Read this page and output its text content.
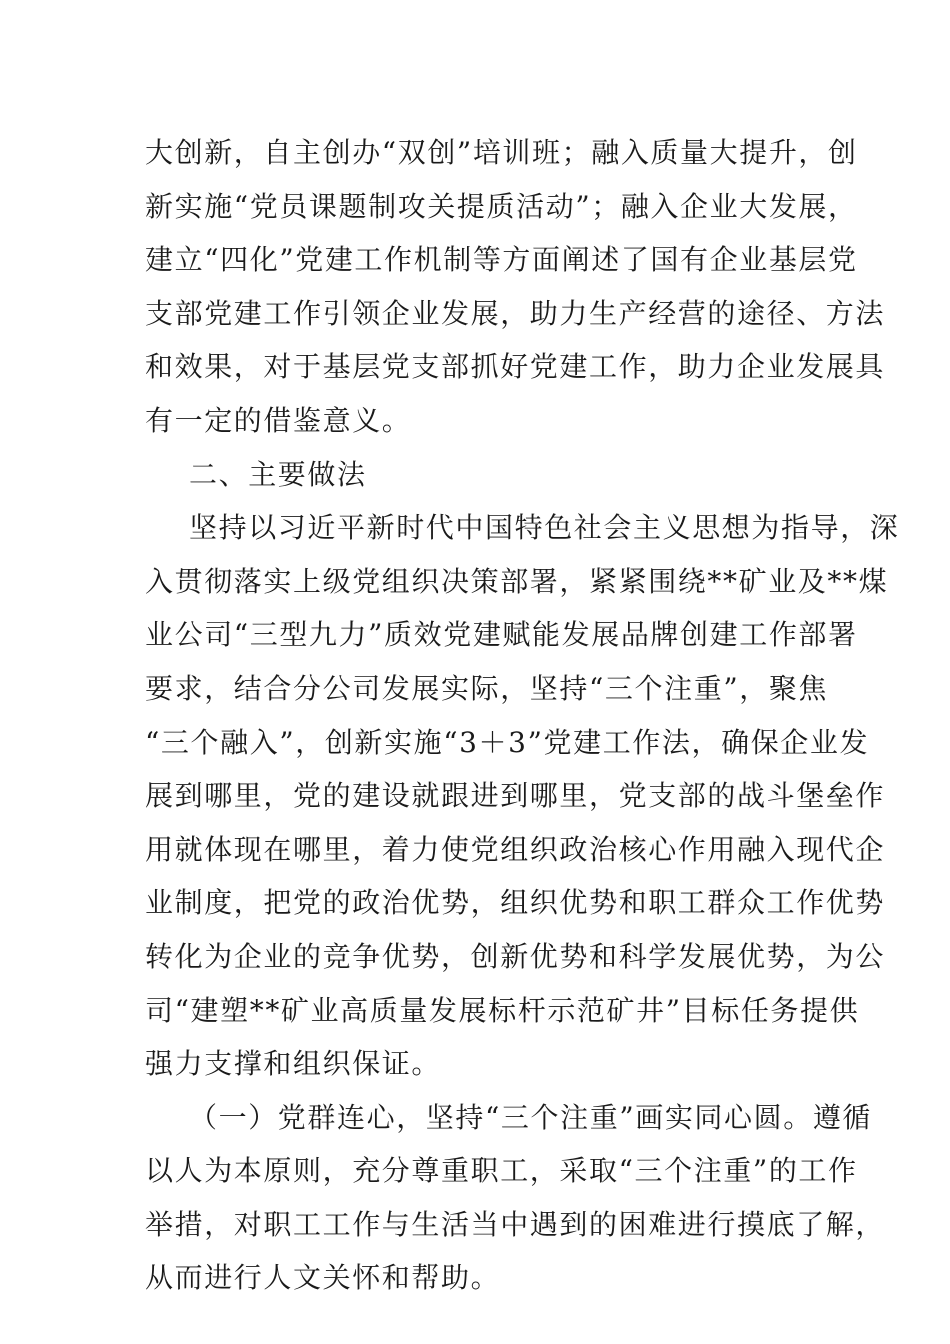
大创新，自主创办“双创”培训班；融入质量大提升，创
新实施“党员课题制攻关提质活动”；融入企业大发展，
建立“四化”党建工作机制等方面阐述了国有企业基层党
支部党建工作引领企业发展，助力生产经营的途径、方法
和效果，对于基层党支部抓好党建工作，助力企业发展具
有一定的借鉴意义。
二、主要做法
坚持以习近平新时代中国特色社会主义思想为指导，深
入贯彻落实上级党组织决策部署，紧紧围绕**矿业及**煤
业公司“三型九力”质效党建赋能发展品牌创建工作部署
要求，结合分公司发展实际，坚持“三个注重”，聚焦
“三个融入”，创新实施“3＋3”党建工作法，确保企业发
展到哪里，党的建设就跟进到哪里，党支部的战斗堡垒作
用就体现在哪里，着力使党组织政治核心作用融入现代企
业制度，把党的政治优势，组织优势和职工群众工作优势
转化为企业的竞争优势，创新优势和科学发展优势，为公
司“建塑**矿业高质量发展标杆示范矿井”目标任务提供
强力支撑和组织保证。
（一）党群连心，坚持“三个注重”画实同心圆。遵循
以人为本原则，充分尊重职工，采取“三个注重”的工作
举措，对职工工作与生活当中遇到的困难进行摸底了解，
从而进行人文关怀和帮助。
